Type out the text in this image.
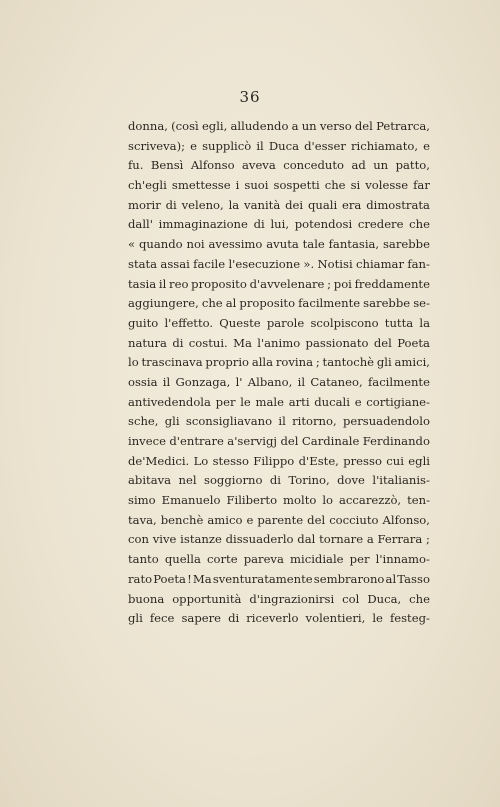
36
donna, (così egli, alludendo a un verso del Petrarca,
scriveva); e supplicò il Duca d'esser richiamato, e
fu. Bensì Alfonso aveva conceduto ad un patto,
ch'egli smettesse i suoi sospetti che si volesse far
morir di veleno, la vanità dei quali era dimostrata
dall' immaginazione di lui, potendosi credere che
« quando noi avessimo avuta tale fantasia, sarebbe
stata assai facile l'esecuzione ». Notisi chiamar fan-
tasia il reo proposito d'avvelenare ; poi freddamente
aggiungere, che al proposito facilmente sarebbe se-
guito l'effetto. Queste parole scolpiscono tutta la
natura di costui. Ma l'animo passionato del Poeta
lo trascinava proprio alla rovina ; tantochè gli amici,
ossia il Gonzaga, l' Albano, il Cataneo, facilmente
antivedendola per le male arti ducali e cortigiane-
sche, gli sconsigliavano il ritorno, persuadendolo
invece d'entrare a'servigj del Cardinale Ferdinando
de'Medici. Lo stesso Filippo d'Este, presso cui egli
abitava nel soggiorno di Torino, dove l'italianis-
simo Emanuelo Filiberto molto lo accarezzò, ten-
tava, benchè amico e parente del cocciuto Alfonso,
con vive istanze dissuaderlo dal tornare a Ferrara ;
tanto quella corte pareva micidiale per l'innamo-
rato Poeta ! Ma sventuratamente sembrarono al Tasso
buona opportunità d'ingrazionirsi col Duca, che
gli fece sapere di riceverlo volentieri, le festeg-
